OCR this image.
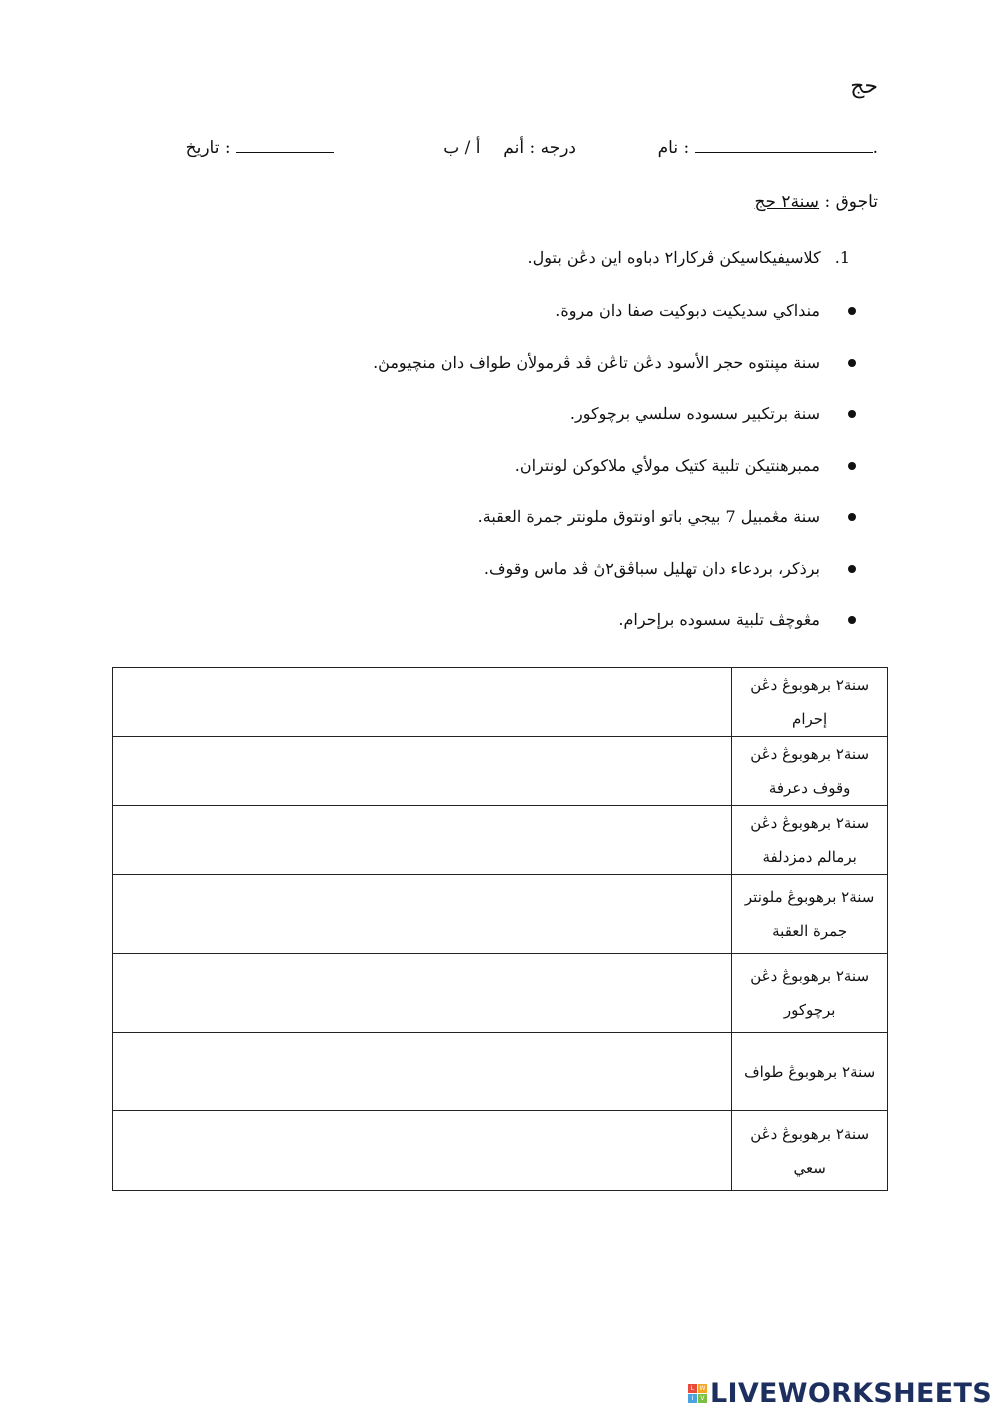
حج
نام :	.
درجه : أنم  أ / ب
تاريخ :
تاجوق : سنة٢ حج
1.كلاسيفيكاسيكن ڤركارا٢ دباوه اين دڠن بتول.
منداکي سديکيت دبوکيت صفا دان مروة.
سنة مپنتوه حجر الأسود دڠن تاڠن ڤد ڤرمولأن طواف دان منچيومڽ.
سنة برتکبير سسوده سلسي برچوکور.
ممبرهنتيکن تلبية کتيک مولأي ملاکوکن لونتران.
سنة مڠمبيل 7 بيجي باتو اونتوق ملونتر جمرة العقبة.
برذکر، بردعاء دان تهليل سباڤق٢ڽ ڤد ماس وقوف.
مڠوچڤ تلبية سسوده برإحرام.

	سنة٢ برهوبوڠ دڠن
إحرام

	سنة٢ برهوبوڠ دڠن
وقوف دعرفة

	سنة٢ برهوبوڠ دڠن
برمالم دمزدلفة

	سنة٢ برهوبوڠ ملونتر
جمرة العقبة

	سنة٢ برهوبوڠ دڠن
برچوکور

	سنة٢ برهوبوڠ طواف

	سنة٢ برهوبوڠ دڠن
سعي
L W
I	V LIVEWORKSHEETS
